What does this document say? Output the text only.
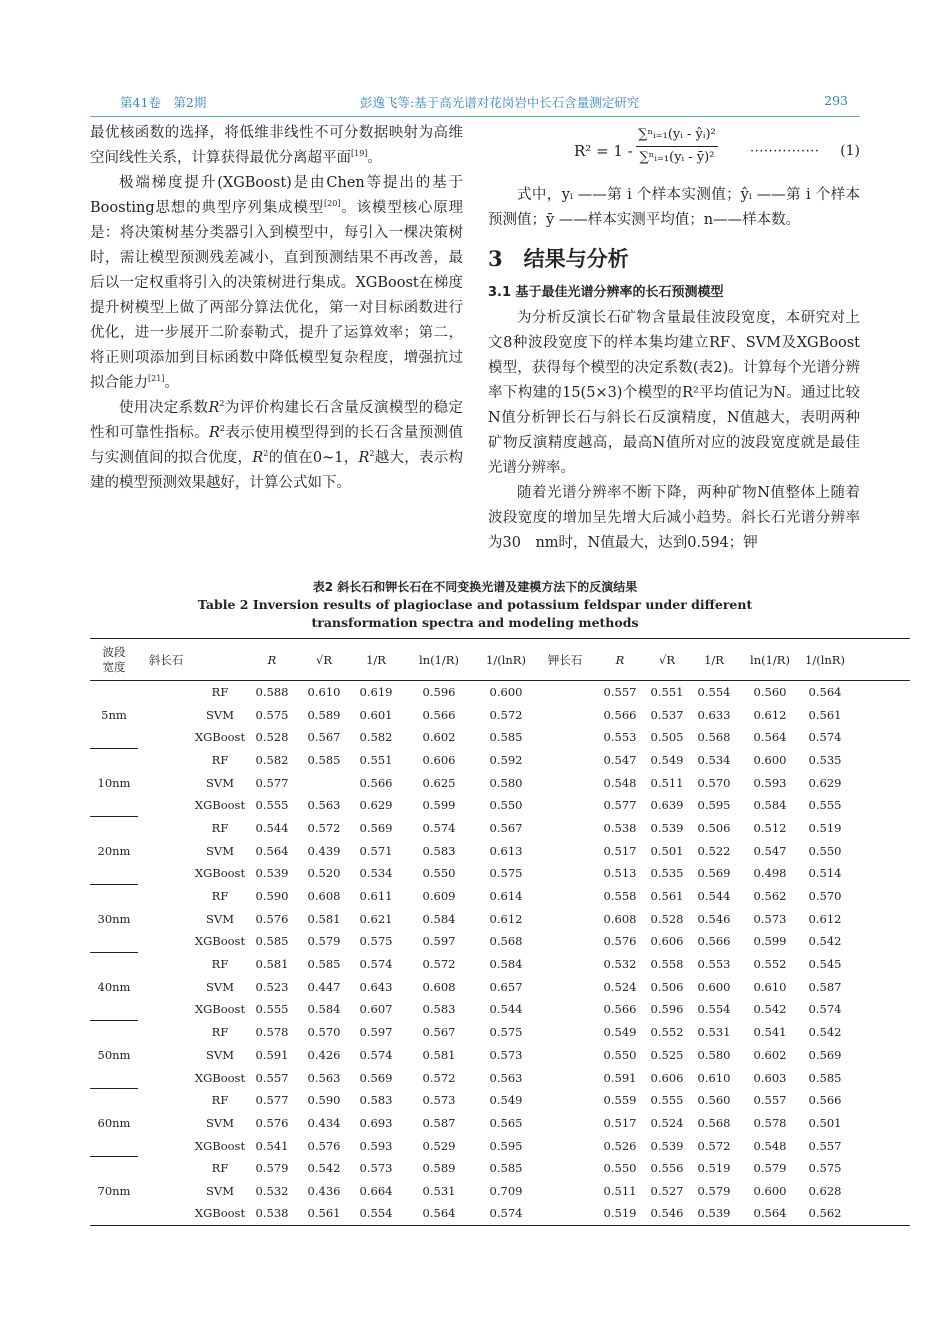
第41卷　第2期	彭逸飞等:基于高光谱对花岗岩中长石含量测定研究	293

最优核函数的选择，将低维非线性不可分数据映射为高维空间线性关系，计算获得最优分离超平面[19]。

极端梯度提升(XGBoost)是由Chen等提出的基于Boosting思想的典型序列集成模型[20]。该模型核心原理是：将决策树基分类器引入到模型中，每引入一棵决策树时，需让模型预测残差减小，直到预测结果不再改善，最后以一定权重将引入的决策树进行集成。XGBoost在梯度提升树模型上做了两部分算法优化，第一对目标函数进行优化，进一步展开二阶泰勒式，提升了运算效率；第二，将正则项添加到目标函数中降低模型复杂程度，增强抗过拟合能力[21]。

使用决定系数$R^2$为评价构建长石含量反演模型的稳定性和可靠性指标。$R^2$表示使用模型得到的长石含量预测值与实测值间的拟合优度，$R^2$的值在0~1，$R^2$越大，表示构建的模型预测效果越好，计算公式如下。

$R^2 = 1 - \frac{\text{∑ⁿᵢ₌₁(yᵢ - ŷᵢ)²}}{\text{∑ⁿᵢ₌₁(yᵢ - ȳ)²}}$ ··············· (1)

式中，yᵢ ——第 i 个样本实测值；ŷᵢ ——第 i 个样本预测值；ȳ ——样本实测平均值；n——样本数。

3　结果与分析
3.1 基于最佳光谱分辨率的长石预测模型

为分析反演长石矿物含量最佳波段宽度，本研究对上文8种波段宽度下的样本集均建立RF、SVM及XGBoost模型，获得每个模型的决定系数(表2)。计算每个光谱分辨率下构建的15(5×3)个模型的R²平均值记为N。通过比较N值分析钾长石与斜长石反演精度，N值越大，表明两种矿物反演精度越高，最高N值所对应的波段宽度就是最佳光谱分辨率。

随着光谱分辨率不断下降，两种矿物N值整体上随着波段宽度的增加呈先增大后减小趋势。斜长石光谱分辨率为30　nm时，N值最大，达到0.594；钾

表2 斜长石和钾长石在不同变换光谱及建模方法下的反演结果
Table 2 Inversion results of plagioclase and potassium feldspar under different
transformation spectra and modeling methods
波段
宽度	斜长石		R	√R	1/R	ln(1/R)	1/(lnR)	钾长石	R	√R	1/R	ln(1/R)	1/(lnR)	
5nm		RF	0.588	0.610	0.619	0.596	0.600		0.557	0.551	0.554	0.560	0.564	
		SVM	0.575	0.589	0.601	0.566	0.572		0.566	0.537	0.633	0.612	0.561	
		XGBoost	0.528	0.567	0.582	0.602	0.585		0.553	0.505	0.568	0.564	0.574	
10nm		RF	0.582	0.585	0.551	0.606	0.592		0.547	0.549	0.534	0.600	0.535	
		SVM	0.577		0.566	0.625	0.580		0.548	0.511	0.570	0.593	0.629	
		XGBoost	0.555	0.563	0.629	0.599	0.550		0.577	0.639	0.595	0.584	0.555	
20nm		RF	0.544	0.572	0.569	0.574	0.567		0.538	0.539	0.506	0.512	0.519	
		SVM	0.564	0.439	0.571	0.583	0.613		0.517	0.501	0.522	0.547	0.550	
		XGBoost	0.539	0.520	0.534	0.550	0.575		0.513	0.535	0.569	0.498	0.514	
30nm		RF	0.590	0.608	0.611	0.609	0.614		0.558	0.561	0.544	0.562	0.570	
		SVM	0.576	0.581	0.621	0.584	0.612		0.608	0.528	0.546	0.573	0.612	
		XGBoost	0.585	0.579	0.575	0.597	0.568		0.576	0.606	0.566	0.599	0.542	
40nm		RF	0.581	0.585	0.574	0.572	0.584		0.532	0.558	0.553	0.552	0.545	
		SVM	0.523	0.447	0.643	0.608	0.657		0.524	0.506	0.600	0.610	0.587	
		XGBoost	0.555	0.584	0.607	0.583	0.544		0.566	0.596	0.554	0.542	0.574	
50nm		RF	0.578	0.570	0.597	0.567	0.575		0.549	0.552	0.531	0.541	0.542	
		SVM	0.591	0.426	0.574	0.581	0.573		0.550	0.525	0.580	0.602	0.569	
		XGBoost	0.557	0.563	0.569	0.572	0.563		0.591	0.606	0.610	0.603	0.585	
60nm		RF	0.577	0.590	0.583	0.573	0.549		0.559	0.555	0.560	0.557	0.566	
		SVM	0.576	0.434	0.693	0.587	0.565		0.517	0.524	0.568	0.578	0.501	
		XGBoost	0.541	0.576	0.593	0.529	0.595		0.526	0.539	0.572	0.548	0.557	
70nm		RF	0.579	0.542	0.573	0.589	0.585		0.550	0.556	0.519	0.579	0.575	
		SVM	0.532	0.436	0.664	0.531	0.709		0.511	0.527	0.579	0.600	0.628	
		XGBoost	0.538	0.561	0.554	0.564	0.574		0.519	0.546	0.539	0.564	0.562	
